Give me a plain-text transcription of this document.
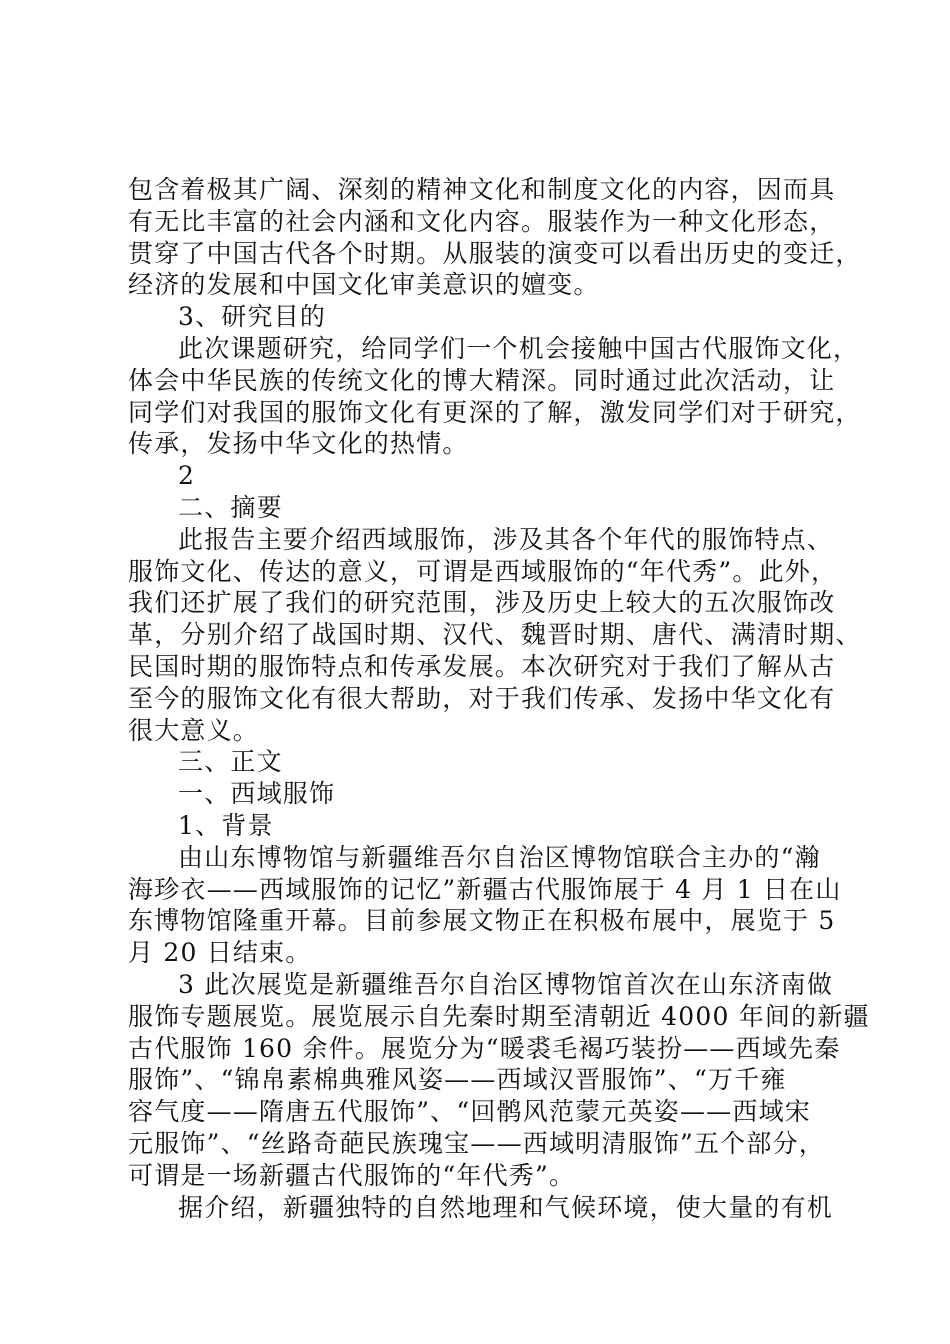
包含着极其广阔、深刻的精神文化和制度文化的内容，因而具
有无比丰富的社会内涵和文化内容。服装作为一种文化形态，
贯穿了中国古代各个时期。从服装的演变可以看出历史的变迁，
经济的发展和中国文化审美意识的嬗变。
3、研究目的
此次课题研究，给同学们一个机会接触中国古代服饰文化，
体会中华民族的传统文化的博大精深。同时通过此次活动，让
同学们对我国的服饰文化有更深的了解，激发同学们对于研究，
传承，发扬中华文化的热情。
2
二、摘要
此报告主要介绍西域服饰，涉及其各个年代的服饰特点、
服饰文化、传达的意义，可谓是西域服饰的“年代秀”。此外，
我们还扩展了我们的研究范围，涉及历史上较大的五次服饰改
革，分别介绍了战国时期、汉代、魏晋时期、唐代、满清时期、
民国时期的服饰特点和传承发展。本次研究对于我们了解从古
至今的服饰文化有很大帮助，对于我们传承、发扬中华文化有
很大意义。
三、正文
一、西域服饰
1、背景
由山东博物馆与新疆维吾尔自治区博物馆联合主办的“瀚
海珍衣——西域服饰的记忆”新疆古代服饰展于 4 月 1 日在山
东博物馆隆重开幕。目前参展文物正在积极布展中，展览于 5
月 20 日结束。
3 此次展览是新疆维吾尔自治区博物馆首次在山东济南做
服饰专题展览。展览展示自先秦时期至清朝近 4000 年间的新疆
古代服饰 160 余件。展览分为“暖裘毛褐巧装扮——西域先秦
服饰”、“锦帛素棉典雅风姿——西域汉晋服饰”、“万千雍
容气度——隋唐五代服饰”、“回鹘风范蒙元英姿——西域宋
元服饰”、“丝路奇葩民族瑰宝——西域明清服饰”五个部分，
可谓是一场新疆古代服饰的“年代秀”。
据介绍，新疆独特的自然地理和气候环境，使大量的有机
